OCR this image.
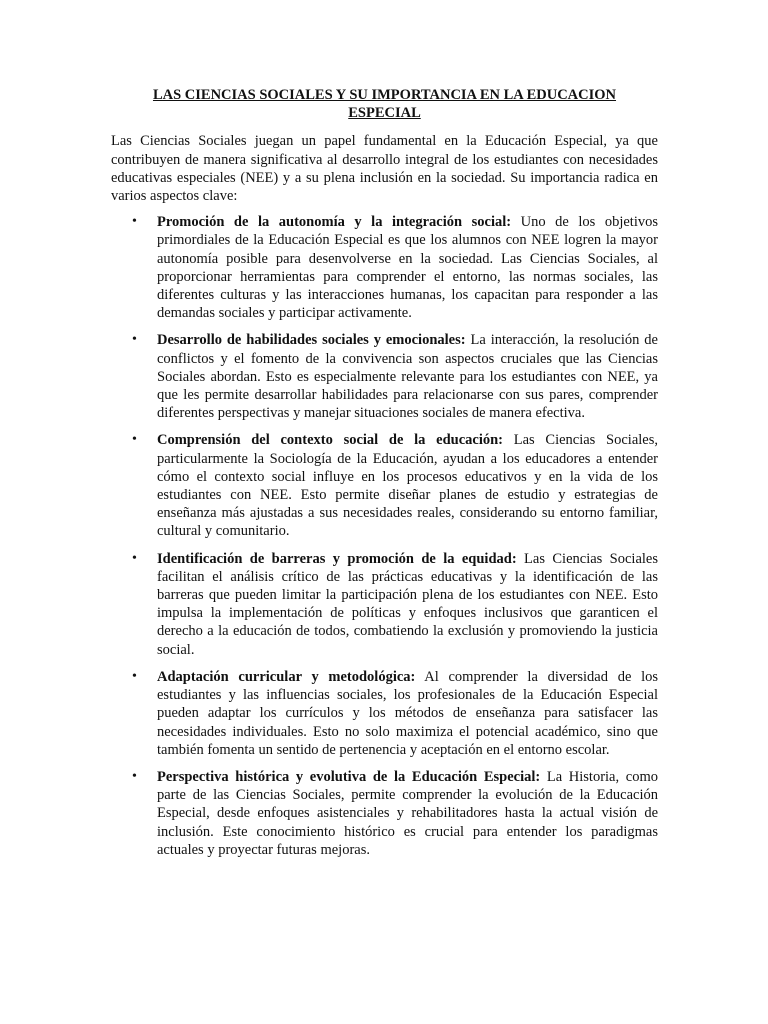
LAS CIENCIAS SOCIALES Y SU IMPORTANCIA EN LA EDUCACION ESPECIAL

Las Ciencias Sociales juegan un papel fundamental en la Educación Especial, ya que contribuyen de manera significativa al desarrollo integral de los estudiantes con necesidades educativas especiales (NEE) y a su plena inclusión en la sociedad. Su importancia radica en varios aspectos clave:

• Promoción de la autonomía y la integración social: Uno de los objetivos primordiales de la Educación Especial es que los alumnos con NEE logren la mayor autonomía posible para desenvolverse en la sociedad. Las Ciencias Sociales, al proporcionar herramientas para comprender el entorno, las normas sociales, las diferentes culturas y las interacciones humanas, los capacitan para responder a las demandas sociales y participar activamente.
• Desarrollo de habilidades sociales y emocionales: La interacción, la resolución de conflictos y el fomento de la convivencia son aspectos cruciales que las Ciencias Sociales abordan. Esto es especialmente relevante para los estudiantes con NEE, ya que les permite desarrollar habilidades para relacionarse con sus pares, comprender diferentes perspectivas y manejar situaciones sociales de manera efectiva.
• Comprensión del contexto social de la educación: Las Ciencias Sociales, particularmente la Sociología de la Educación, ayudan a los educadores a entender cómo el contexto social influye en los procesos educativos y en la vida de los estudiantes con NEE. Esto permite diseñar planes de estudio y estrategias de enseñanza más ajustadas a sus necesidades reales, considerando su entorno familiar, cultural y comunitario.
• Identificación de barreras y promoción de la equidad: Las Ciencias Sociales facilitan el análisis crítico de las prácticas educativas y la identificación de las barreras que pueden limitar la participación plena de los estudiantes con NEE. Esto impulsa la implementación de políticas y enfoques inclusivos que garanticen el derecho a la educación de todos, combatiendo la exclusión y promoviendo la justicia social.
• Adaptación curricular y metodológica: Al comprender la diversidad de los estudiantes y las influencias sociales, los profesionales de la Educación Especial pueden adaptar los currículos y los métodos de enseñanza para satisfacer las necesidades individuales. Esto no solo maximiza el potencial académico, sino que también fomenta un sentido de pertenencia y aceptación en el entorno escolar.
• Perspectiva histórica y evolutiva de la Educación Especial: La Historia, como parte de las Ciencias Sociales, permite comprender la evolución de la Educación Especial, desde enfoques asistenciales y rehabilitadores hasta la actual visión de inclusión. Este conocimiento histórico es crucial para entender los paradigmas actuales y proyectar futuras mejoras.
